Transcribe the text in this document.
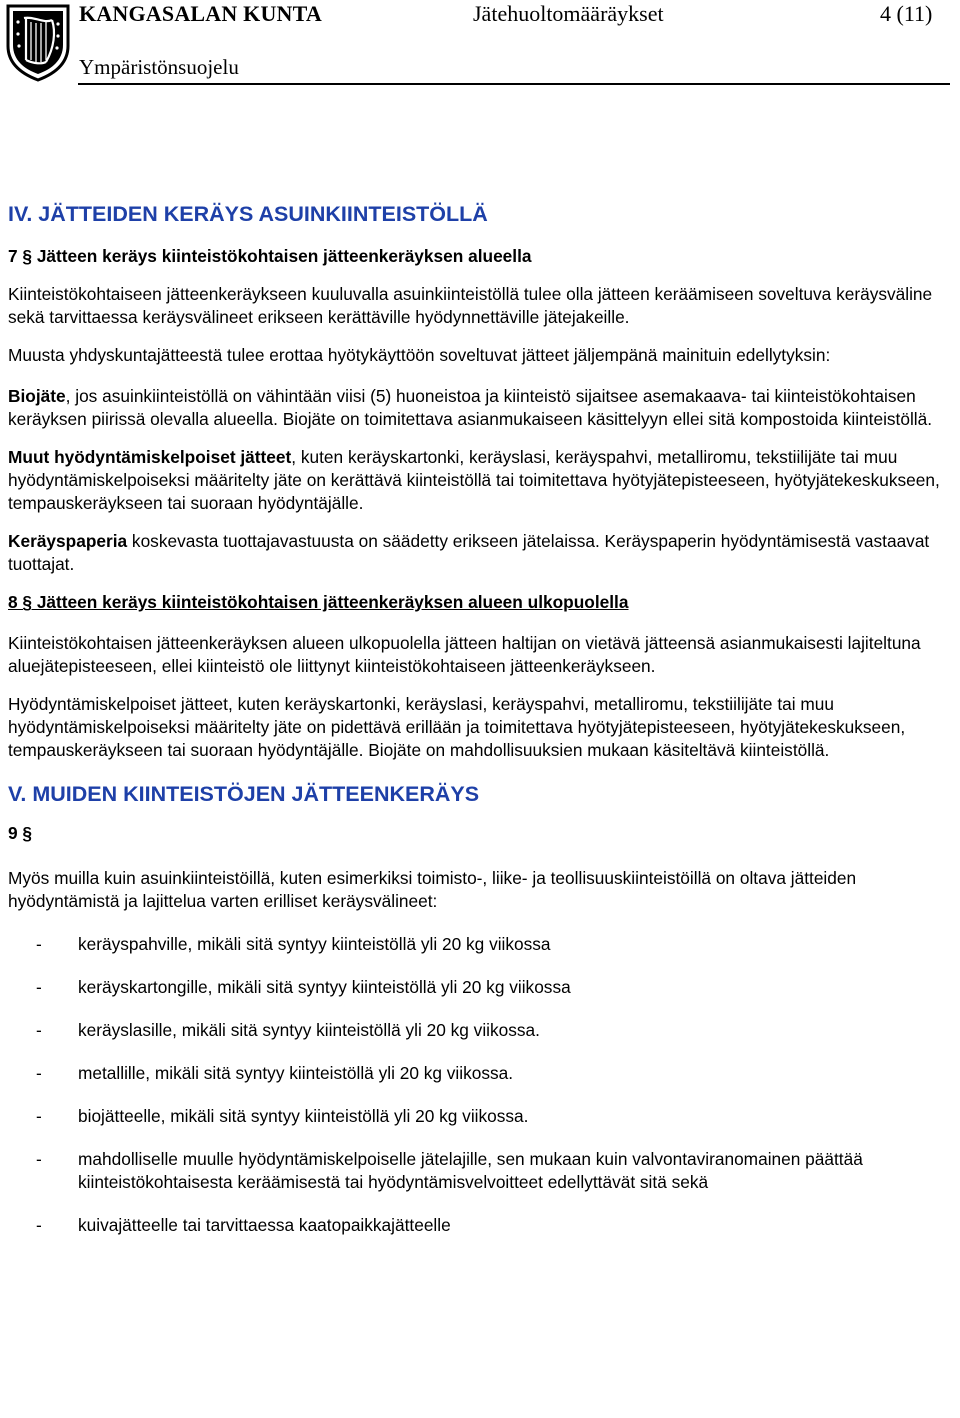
KANGASALAN KUNTA	Jätehuoltomääräykset	4 (11)
Ympäristönsuojelu
IV. JÄTTEIDEN KERÄYS ASUINKIINTEISTÖLLÄ
7 § Jätteen keräys kiinteistökohtaisen jätteenkeräyksen alueella

Kiinteistökohtaiseen jätteenkeräykseen kuuluvalla asuinkiinteistöllä tulee olla jätteen keräämiseen soveltuva keräysväline sekä tarvittaessa keräysvälineet erikseen kerättäville hyödynnettäville jätejakeille.

Muusta yhdyskuntajätteestä tulee erottaa hyötykäyttöön soveltuvat jätteet jäljempänä mainituin edellytyksin:

Biojäte, jos asuinkiinteistöllä on vähintään viisi (5) huoneistoa ja kiinteistö sijaitsee asemakaava- tai kiinteistökohtaisen keräyksen piirissä olevalla alueella. Biojäte on toimitettava asianmukaiseen käsittelyyn ellei sitä kompostoida kiinteistöllä.

Muut hyödyntämiskelpoiset jätteet, kuten keräyskartonki, keräyslasi, keräyspahvi, metalliromu, tekstiilijäte tai muu hyödyntämiskelpoiseksi määritelty jäte on kerättävä kiinteistöllä tai toimitettava hyötyjätepisteeseen, hyötyjätekeskukseen, tempauskeräykseen tai suoraan hyödyntäjälle.

Keräyspaperia koskevasta tuottajavastuusta on säädetty erikseen jätelaissa. Keräyspaperin hyödyntämisestä vastaavat tuottajat.

8 § Jätteen keräys kiinteistökohtaisen jätteenkeräyksen alueen ulkopuolella

Kiinteistökohtaisen jätteenkeräyksen alueen ulkopuolella jätteen haltijan on vietävä jätteensä asianmukaisesti lajiteltuna aluejätepisteeseen, ellei kiinteistö ole liittynyt kiinteistökohtaiseen jätteenkeräykseen.

Hyödyntämiskelpoiset jätteet, kuten keräyskartonki, keräyslasi, keräyspahvi, metalliromu, tekstiilijäte tai muu hyödyntämiskelpoiseksi määritelty jäte on pidettävä erillään ja toimitettava hyötyjätepisteeseen, hyötyjätekeskukseen, tempauskeräykseen tai suoraan hyödyntäjälle. Biojäte on mahdollisuuksien mukaan käsiteltävä kiinteistöllä.

V. MUIDEN KIINTEISTÖJEN JÄTTEENKERÄYS
9 §

Myös muilla kuin asuinkiinteistöillä, kuten esimerkiksi toimisto-, liike- ja teollisuuskiinteistöillä on oltava jätteiden hyödyntämistä ja lajittelua varten erilliset keräysvälineet:

- keräyspahville, mikäli sitä syntyy kiinteistöllä yli 20 kg viikossa
- keräyskartongille, mikäli sitä syntyy kiinteistöllä yli 20 kg viikossa
- keräyslasille, mikäli sitä syntyy kiinteistöllä yli 20 kg viikossa.
- metallille, mikäli sitä syntyy kiinteistöllä yli 20 kg viikossa.
- biojätteelle, mikäli sitä syntyy kiinteistöllä yli 20 kg viikossa.
- mahdolliselle muulle hyödyntämiskelpoiselle jätelajille, sen mukaan kuin valvontaviranomainen päättää kiinteistökohtaisesta keräämisestä tai hyödyntämisvelvoitteet edellyttävät sitä sekä
- kuivajätteelle tai tarvittaessa kaatopaikkajätteelle
